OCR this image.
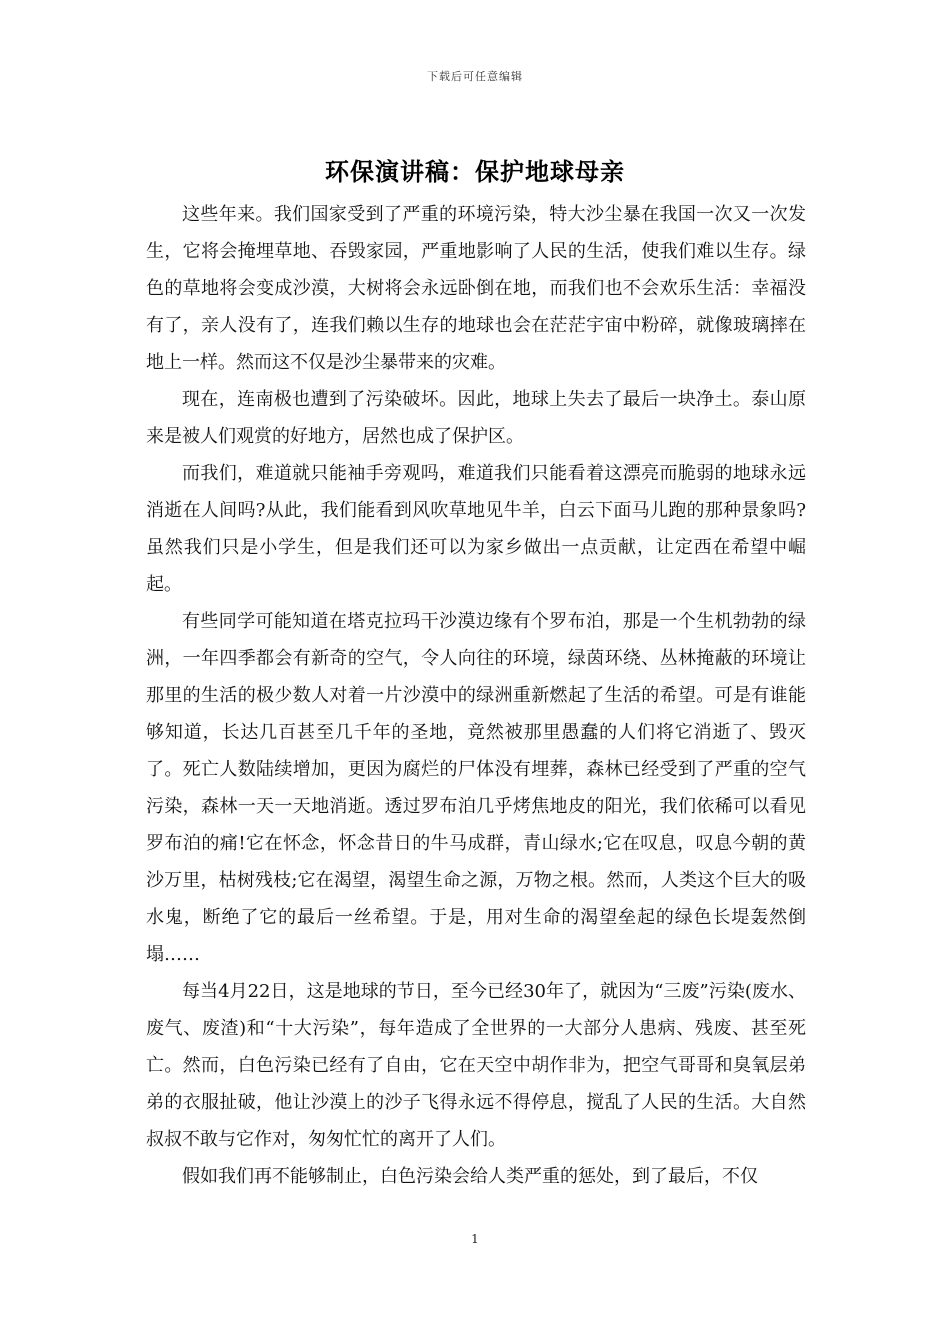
下载后可任意编辑
环保演讲稿：保护地球母亲

这些年来。我们国家受到了严重的环境污染，特大沙尘暴在我国一次又一次发生，它将会掩埋草地、吞毁家园，严重地影响了人民的生活，使我们难以生存。绿色的草地将会变成沙漠，大树将会永远卧倒在地，而我们也不会欢乐生活：幸福没有了，亲人没有了，连我们赖以生存的地球也会在茫茫宇宙中粉碎，就像玻璃摔在地上一样。然而这不仅是沙尘暴带来的灾难。

现在，连南极也遭到了污染破坏。因此，地球上失去了最后一块净土。泰山原来是被人们观赏的好地方，居然也成了保护区。

而我们，难道就只能袖手旁观吗，难道我们只能看着这漂亮而脆弱的地球永远消逝在人间吗?从此，我们能看到风吹草地见牛羊，白云下面马儿跑的那种景象吗?虽然我们只是小学生，但是我们还可以为家乡做出一点贡献，让定西在希望中崛起。

有些同学可能知道在塔克拉玛干沙漠边缘有个罗布泊，那是一个生机勃勃的绿洲，一年四季都会有新奇的空气，令人向往的环境，绿茵环绕、丛林掩蔽的环境让那里的生活的极少数人对着一片沙漠中的绿洲重新燃起了生活的希望。可是有谁能够知道，长达几百甚至几千年的圣地，竟然被那里愚蠢的人们将它消逝了、毁灭了。死亡人数陆续增加，更因为腐烂的尸体没有埋葬，森林已经受到了严重的空气污染，森林一天一天地消逝。透过罗布泊几乎烤焦地皮的阳光，我们依稀可以看见罗布泊的痛!它在怀念，怀念昔日的牛马成群，青山绿水;它在叹息，叹息今朝的黄沙万里，枯树残枝;它在渴望，渴望生命之源，万物之根。然而，人类这个巨大的吸水鬼，断绝了它的最后一丝希望。于是，用对生命的渴望垒起的绿色长堤轰然倒塌……

每当4月22日，这是地球的节日，至今已经30年了，就因为“三废”污染(废水、废气、废渣)和“十大污染”，每年造成了全世界的一大部分人患病、残废、甚至死亡。然而，白色污染已经有了自由，它在天空中胡作非为，把空气哥哥和臭氧层弟弟的衣服扯破，他让沙漠上的沙子飞得永远不得停息，搅乱了人民的生活。大自然叔叔不敢与它作对，匆匆忙忙的离开了人们。

假如我们再不能够制止，白色污染会给人类严重的惩处，到了最后，不仅

1
